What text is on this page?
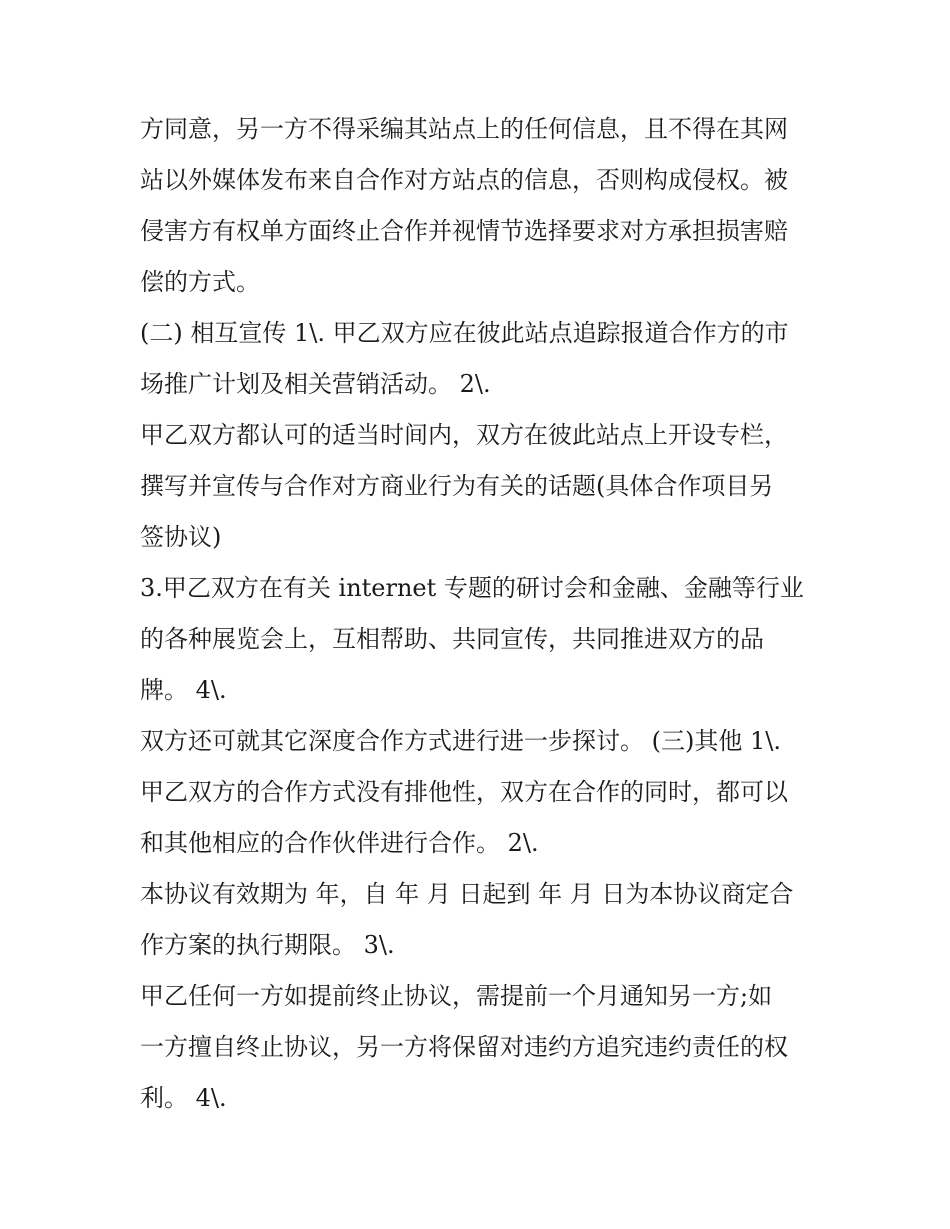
方同意，另一方不得采编其站点上的任何信息，且不得在其网

站以外媒体发布来自合作对方站点的信息，否则构成侵权。被

侵害方有权单方面终止合作并视情节选择要求对方承担损害赔

偿的方式。

(二) 相互宣传 1\. 甲乙双方应在彼此站点追踪报道合作方的市

场推广计划及相关营销活动。 2\.

甲乙双方都认可的适当时间内，双方在彼此站点上开设专栏，

撰写并宣传与合作对方商业行为有关的话题(具体合作项目另

签协议)

3.甲乙双方在有关 internet 专题的研讨会和金融、金融等行业

的各种展览会上，互相帮助、共同宣传，共同推进双方的品

牌。 4\.

双方还可就其它深度合作方式进行进一步探讨。 (三)其他 1\.

甲乙双方的合作方式没有排他性，双方在合作的同时，都可以

和其他相应的合作伙伴进行合作。 2\.

本协议有效期为 年，自 年 月 日起到 年 月 日为本协议商定合

作方案的执行期限。 3\.

甲乙任何一方如提前终止协议，需提前一个月通知另一方;如

一方擅自终止协议，另一方将保留对违约方追究违约责任的权

利。 4\.
